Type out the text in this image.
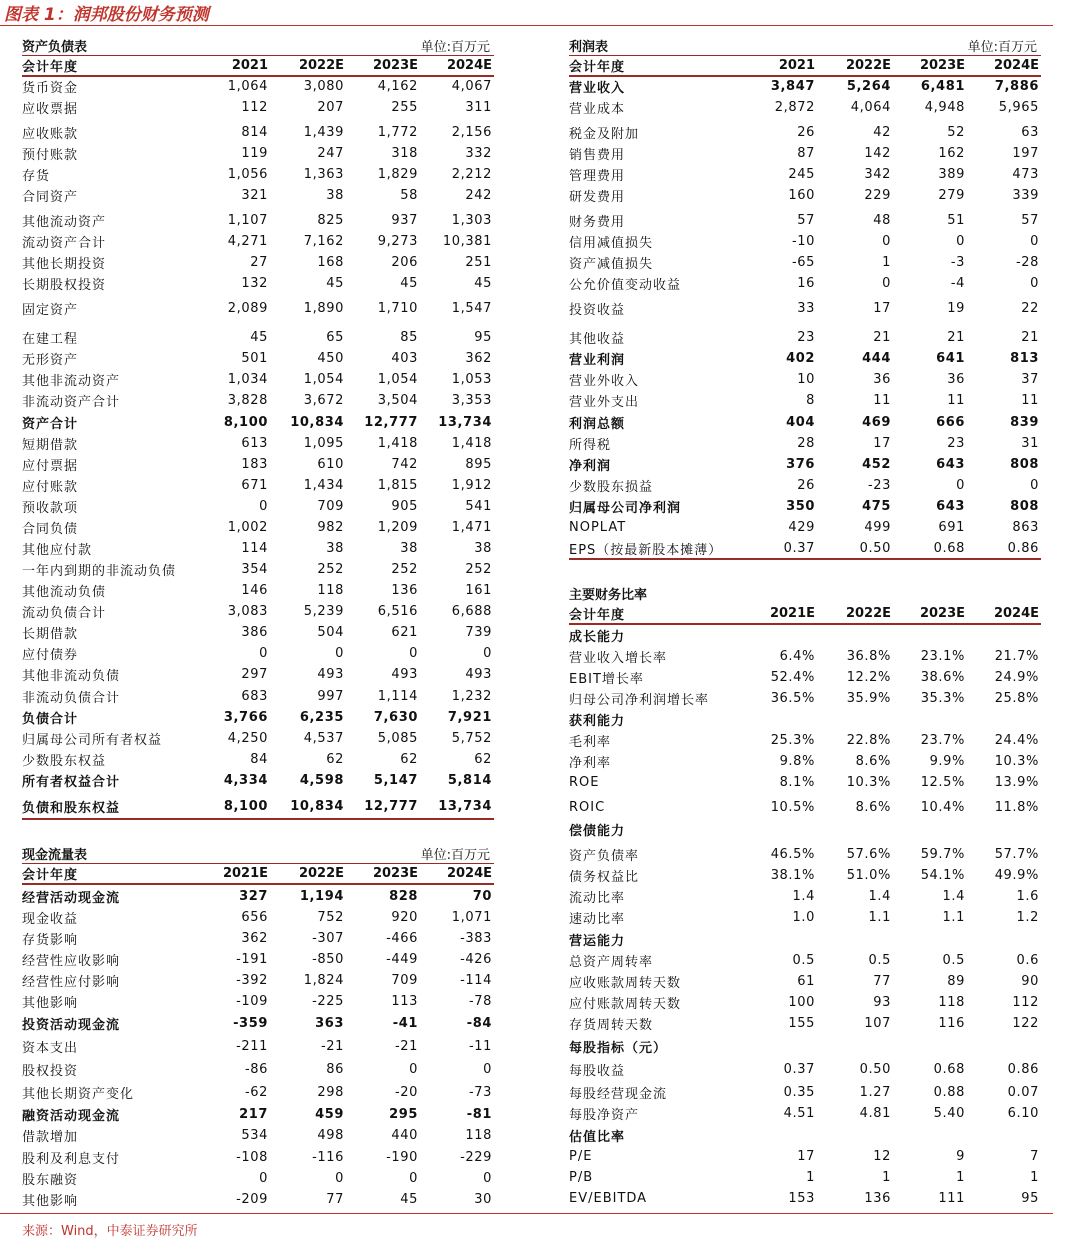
图表 1：润邦股份财务预测
资产负债表	单位:百万元
会计年度	2021	2022E	2023E	2024E
货币资金	1,064	3,080	4,162	4,067
应收票据	112	207	255	311
应收账款	814	1,439	1,772	2,156
预付账款	119	247	318	332
存货	1,056	1,363	1,829	2,212
合同资产	321	38	58	242
其他流动资产	1,107	825	937	1,303
流动资产合计	4,271	7,162	9,273	10,381
其他长期投资	27	168	206	251
长期股权投资	132	45	45	45
固定资产	2,089	1,890	1,710	1,547
在建工程	45	65	85	95
无形资产	501	450	403	362
其他非流动资产	1,034	1,054	1,054	1,053
非流动资产合计	3,828	3,672	3,504	3,353
资产合计	8,100	10,834	12,777	13,734
短期借款	613	1,095	1,418	1,418
应付票据	183	610	742	895
应付账款	671	1,434	1,815	1,912
预收款项	0	709	905	541
合同负债	1,002	982	1,209	1,471
其他应付款	114	38	38	38
一年内到期的非流动负债	354	252	252	252
其他流动负债	146	118	136	161
流动负债合计	3,083	5,239	6,516	6,688
长期借款	386	504	621	739
应付债券	0	0	0	0
其他非流动负债	297	493	493	493
非流动负债合计	683	997	1,114	1,232
负债合计	3,766	6,235	7,630	7,921
归属母公司所有者权益	4,250	4,537	5,085	5,752
少数股东权益	84	62	62	62
所有者权益合计	4,334	4,598	5,147	5,814
负债和股东权益	8,100	10,834	12,777	13,734
现金流量表	单位:百万元
会计年度	2021E	2022E	2023E	2024E
经营活动现金流	327	1,194	828	70
现金收益	656	752	920	1,071
存货影响	362	-307	-466	-383
经营性应收影响	-191	-850	-449	-426
经营性应付影响	-392	1,824	709	-114
其他影响	-109	-225	113	-78
投资活动现金流	-359	363	-41	-84
资本支出	-211	-21	-21	-11
股权投资	-86	86	0	0
其他长期资产变化	-62	298	-20	-73
融资活动现金流	217	459	295	-81
借款增加	534	498	440	118
股利及利息支付	-108	-116	-190	-229
股东融资	0	0	0	0
其他影响	-209	77	45	30
利润表	单位:百万元
会计年度	2021	2022E	2023E	2024E
营业收入	3,847	5,264	6,481	7,886
营业成本	2,872	4,064	4,948	5,965
税金及附加	26	42	52	63
销售费用	87	142	162	197
管理费用	245	342	389	473
研发费用	160	229	279	339
财务费用	57	48	51	57
信用减值损失	-10	0	0	0
资产减值损失	-65	1	-3	-28
公允价值变动收益	16	0	-4	0
投资收益	33	17	19	22
其他收益	23	21	21	21
营业利润	402	444	641	813
营业外收入	10	36	36	37
营业外支出	8	11	11	11
利润总额	404	469	666	839
所得税	28	17	23	31
净利润	376	452	643	808
少数股东损益	26	-23	0	0
归属母公司净利润	350	475	643	808
NOPLAT	429	499	691	863
EPS（按最新股本摊薄）	0.37	0.50	0.68	0.86
主要财务比率
会计年度	2021E	2022E	2023E	2024E
成长能力
营业收入增长率	6.4%	36.8%	23.1%	21.7%
EBIT增长率	52.4%	12.2%	38.6%	24.9%
归母公司净利润增长率	36.5%	35.9%	35.3%	25.8%
获利能力
毛利率	25.3%	22.8%	23.7%	24.4%
净利率	9.8%	8.6%	9.9%	10.3%
ROE	8.1%	10.3%	12.5%	13.9%
ROIC	10.5%	8.6%	10.4%	11.8%
偿债能力
资产负债率	46.5%	57.6%	59.7%	57.7%
债务权益比	38.1%	51.0%	54.1%	49.9%
流动比率	1.4	1.4	1.4	1.6
速动比率	1.0	1.1	1.1	1.2
营运能力
总资产周转率	0.5	0.5	0.5	0.6
应收账款周转天数	61	77	89	90
应付账款周转天数	100	93	118	112
存货周转天数	155	107	116	122
每股指标（元）
每股收益	0.37	0.50	0.68	0.86
每股经营现金流	0.35	1.27	0.88	0.07
每股净资产	4.51	4.81	5.40	6.10
估值比率
P/E	17	12	9	7
P/B	1	1	1	1
EV/EBITDA	153	136	111	95
来源：Wind，中泰证券研究所
